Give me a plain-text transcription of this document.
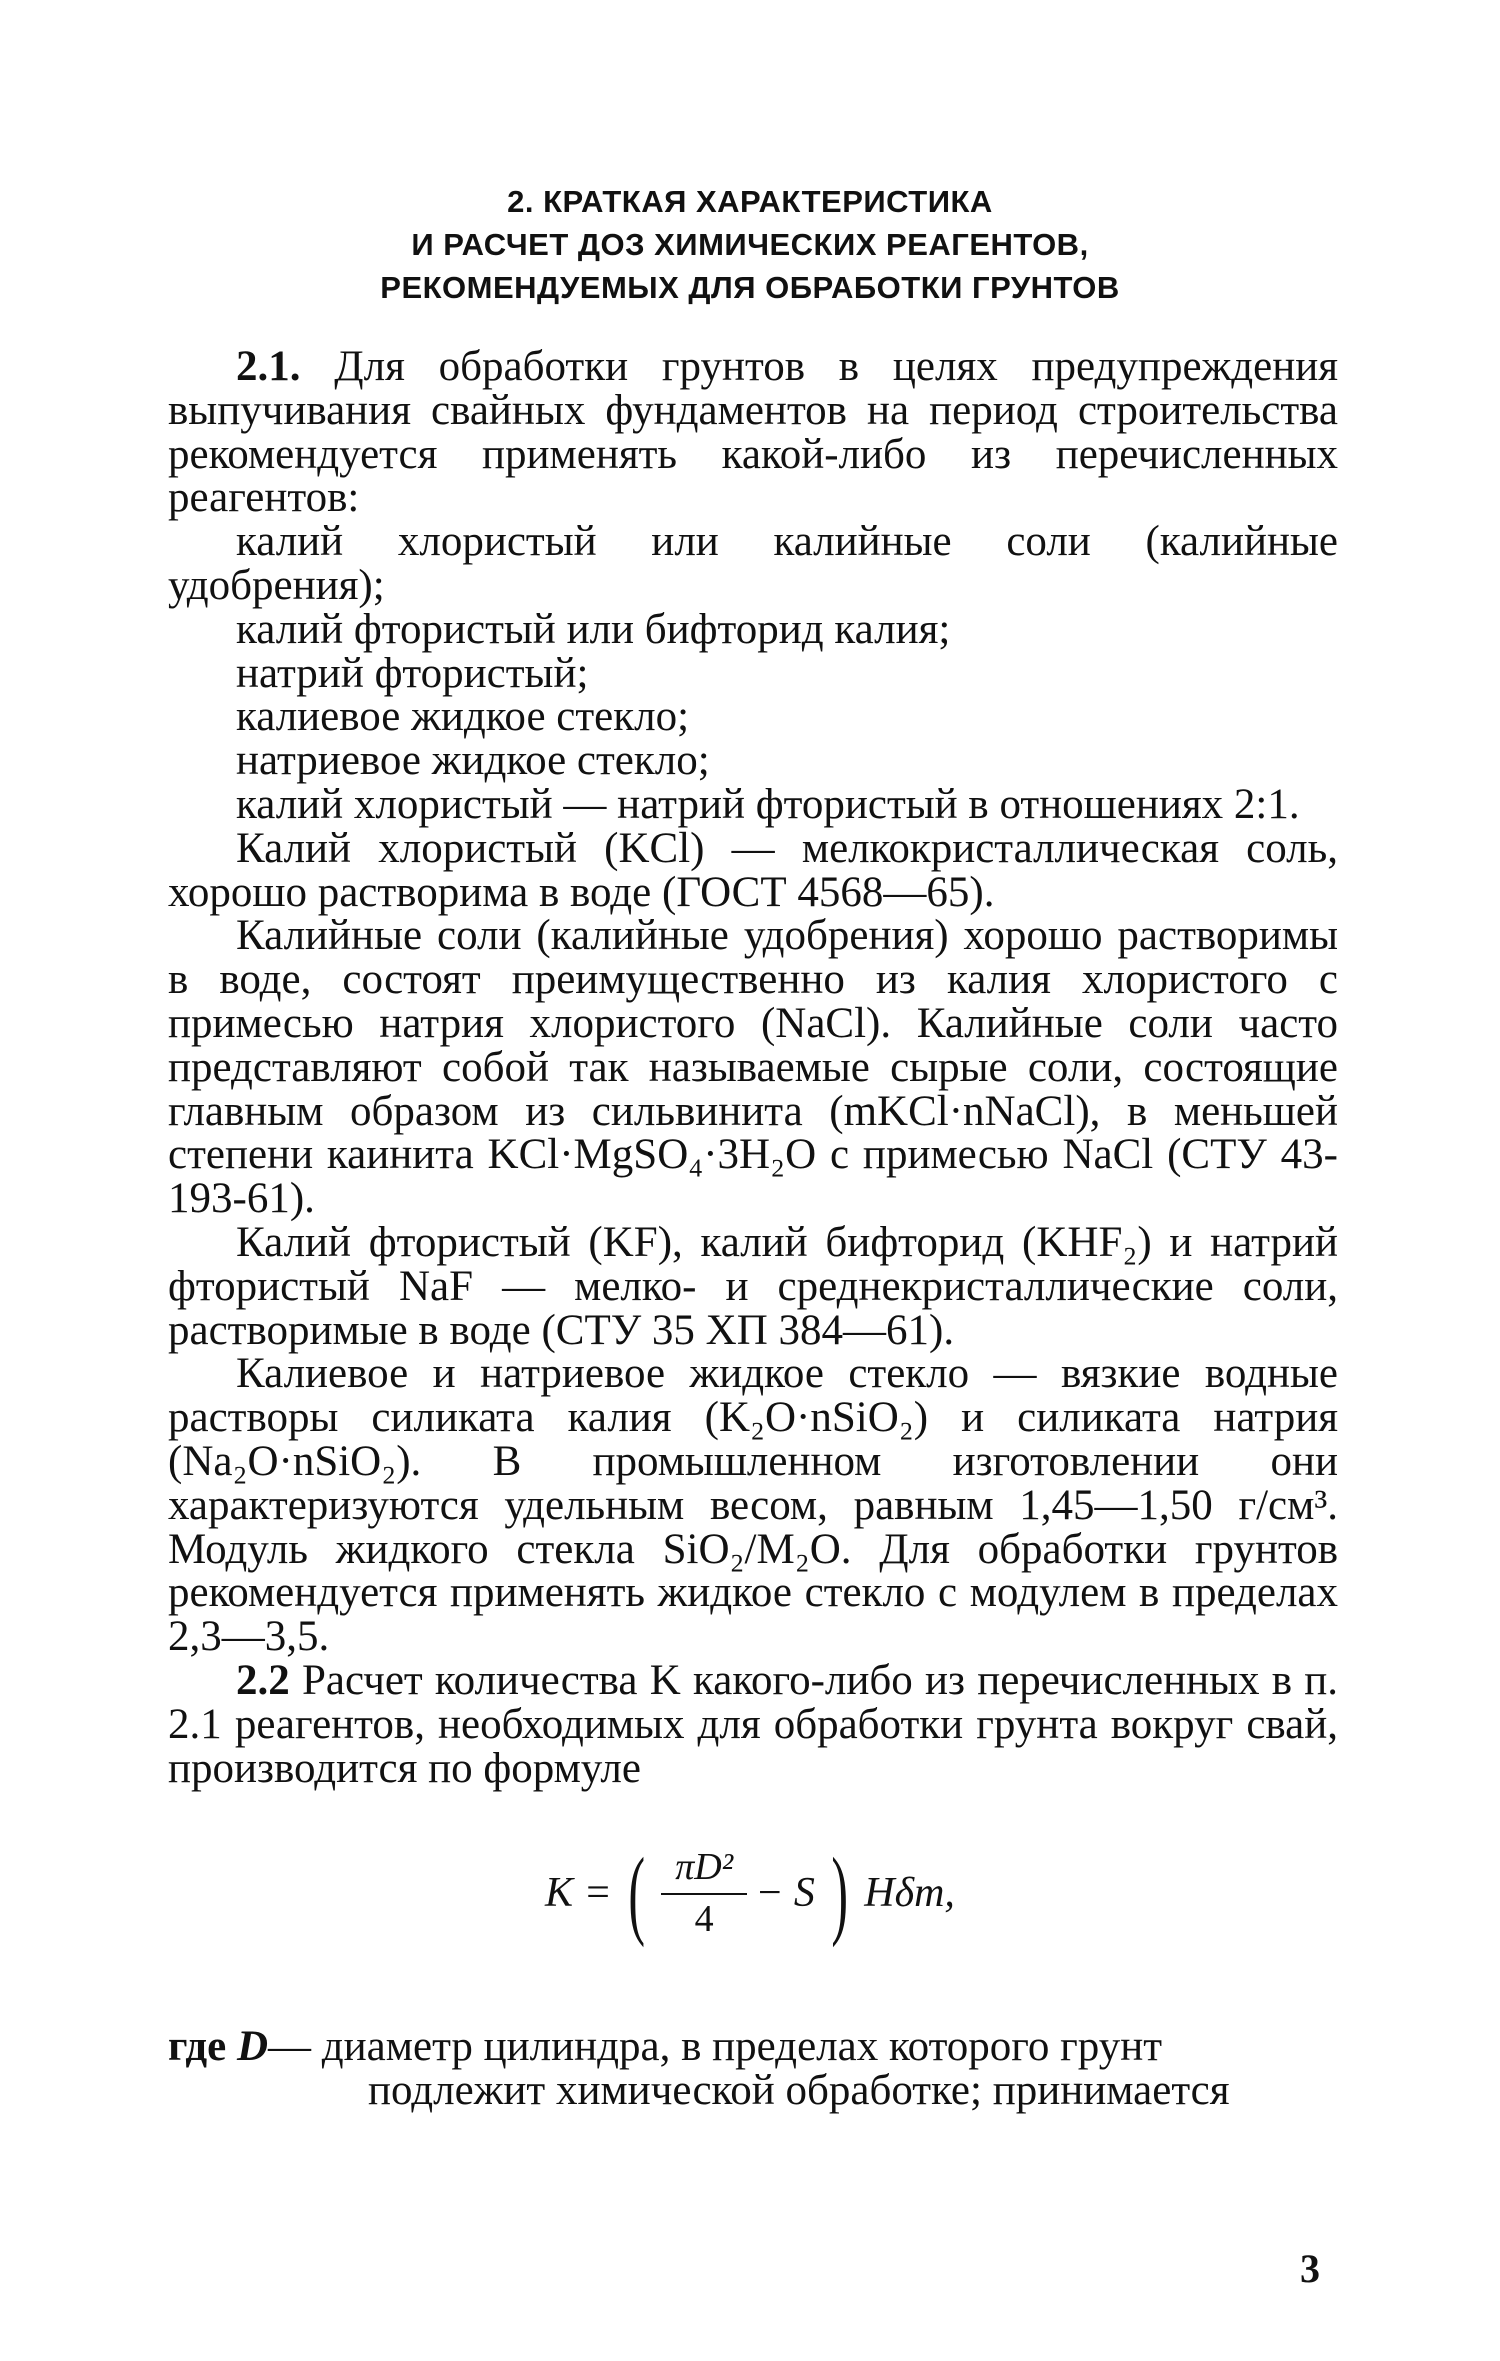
2. КРАТКАЯ ХАРАКТЕРИСТИКА
И РАСЧЕТ ДОЗ ХИМИЧЕСКИХ РЕАГЕНТОВ,
РЕКОМЕНДУЕМЫХ ДЛЯ ОБРАБОТКИ ГРУНТОВ

2.1. Для обработки грунтов в целях предупреждения выпучивания свайных фундаментов на период строительства рекомендуется применять какой-либо из перечисленных реагентов:

калий хлористый или калийные соли (калийные удобрения);

калий фтористый или бифторид калия;

натрий фтористый;

калиевое жидкое стекло;

натриевое жидкое стекло;

калий хлористый — натрий фтористый в отношениях 2:1.

Калий хлористый (KCl) — мелкокристаллическая соль, хорошо растворима в воде (ГОСТ 4568—65).

Калийные соли (калийные удобрения) хорошо растворимы в воде, состоят преимущественно из калия хлористого с примесью натрия хлористого (NaCl). Калийные соли часто представляют собой так называемые сырые соли, состоящие главным образом из сильвинита (mKCl·nNaCl), в меньшей степени каинита KCl·MgSO₄·3H₂O с примесью NaCl (СТУ 43-193-61).

Калий фтористый (KF), калий бифторид (KHF₂) и натрий фтористый NaF — мелко- и среднекристаллические соли, растворимые в воде (СТУ 35 ХП 384—61).

Калиевое и натриевое жидкое стекло — вязкие водные растворы силиката калия (K₂O·nSiO₂) и силиката натрия (Na₂O·nSiO₂). В промышленном изготовлении они характеризуются удельным весом, равным 1,45—1,50 г/см³. Модуль жидкого стекла SiO₂/M₂O. Для обработки грунтов рекомендуется применять жидкое стекло с модулем в пределах 2,3—3,5.

2.2 Расчет количества K какого-либо из перечисленных в п. 2.1 реагентов, необходимых для обработки грунта вокруг свай, производится по формуле

K = ( $\frac{\text{πD²}}{4} - S$ ) Hδm,
где D — диаметр цилиндра, в пределах которого грунт
подлежит химической обработке; принимается
3
